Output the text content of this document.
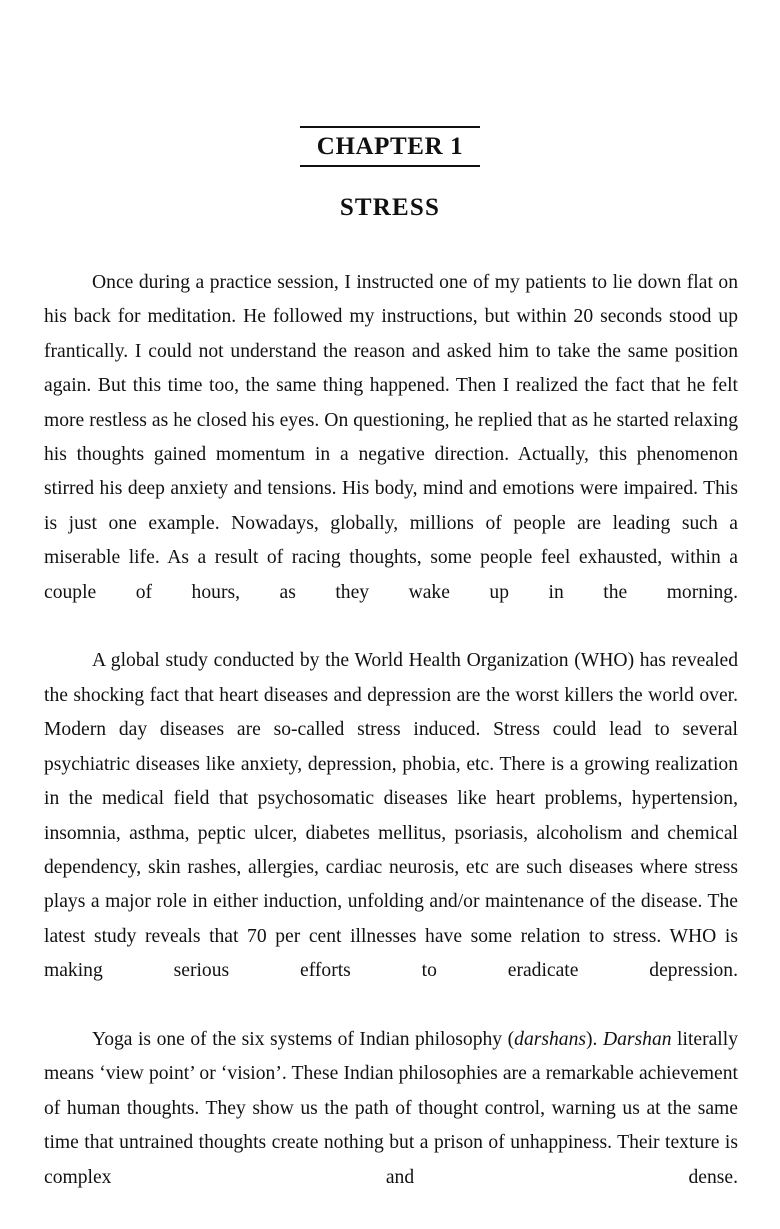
CHAPTER 1
STRESS

Once during a practice session, I instructed one of my patients to lie down flat on his back for meditation. He followed my instructions, but within 20 seconds stood up frantically. I could not understand the reason and asked him to take the same position again. But this time too, the same thing happened. Then I realized the fact that he felt more restless as he closed his eyes. On questioning, he replied that as he started relaxing his thoughts gained momentum in a negative direction. Actually, this phenomenon stirred his deep anxiety and tensions. His body, mind and emotions were impaired. This is just one example. Nowadays, globally, millions of people are leading such a miserable life. As a result of racing thoughts, some people feel exhausted, within a couple of hours, as they wake up in the morning.

A global study conducted by the World Health Organization (WHO) has revealed the shocking fact that heart diseases and depression are the worst killers the world over. Modern day diseases are so-called stress induced. Stress could lead to several psychiatric diseases like anxiety, depression, phobia, etc. There is a growing realization in the medical field that psychosomatic diseases like heart problems, hypertension, insomnia, asthma, peptic ulcer, diabetes mellitus, psoriasis, alcoholism and chemical dependency, skin rashes, allergies, cardiac neurosis, etc are such diseases where stress plays a major role in either induction, unfolding and/or maintenance of the disease. The latest study reveals that 70 per cent illnesses have some relation to stress. WHO is making serious efforts to eradicate depression.

Yoga is one of the six systems of Indian philosophy (darshans). Darshan literally means ‘view point’ or ‘vision’. These Indian philosophies are a remarkable achievement of human thoughts. They show us the path of thought control, warning us at the same time that untrained thoughts create nothing but a prison of unhappiness. Their texture is complex and dense.
